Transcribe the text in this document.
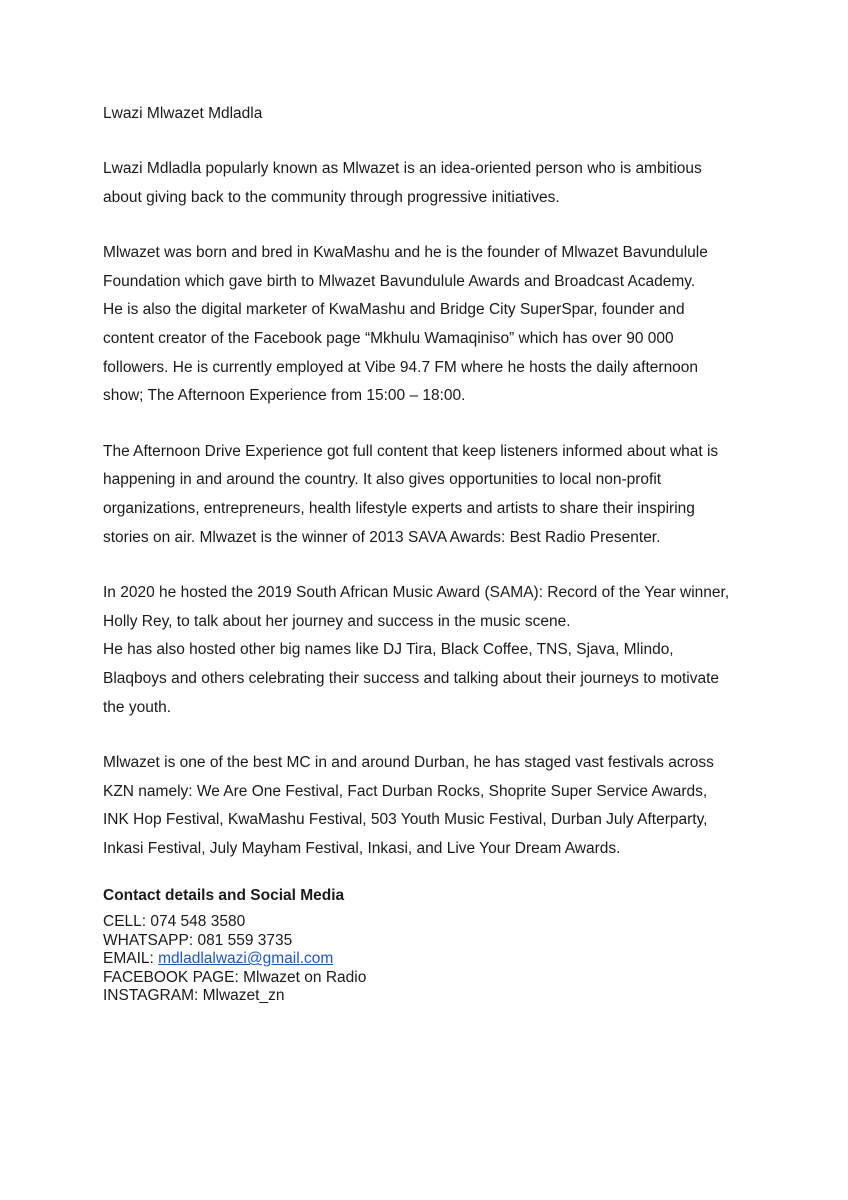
Lwazi Mlwazet Mdladla
Lwazi Mdladla popularly known as Mlwazet is an idea-oriented person who is ambitious
about giving back to the community through progressive initiatives.
Mlwazet was born and bred in KwaMashu and he is the founder of Mlwazet Bavundulule
Foundation which gave birth to Mlwazet Bavundulule Awards and Broadcast Academy.
He is also the digital marketer of KwaMashu and Bridge City SuperSpar, founder and
content creator of the Facebook page “Mkhulu Wamaqiniso” which has over 90 000
followers. He is currently employed at Vibe 94.7 FM where he hosts the daily afternoon
show; The Afternoon Experience from 15:00 – 18:00.
The Afternoon Drive Experience got full content that keep listeners informed about what is
happening in and around the country. It also gives opportunities to local non-profit
organizations, entrepreneurs, health lifestyle experts and artists to share their inspiring
stories on air. Mlwazet is the winner of 2013 SAVA Awards: Best Radio Presenter.
In 2020 he hosted the 2019 South African Music Award (SAMA): Record of the Year winner,
Holly Rey, to talk about her journey and success in the music scene.
He has also hosted other big names like DJ Tira, Black Coffee, TNS, Sjava, Mlindo,
Blaqboys and others celebrating their success and talking about their journeys to motivate
the youth.
Mlwazet is one of the best MC in and around Durban, he has staged vast festivals across
KZN namely: We Are One Festival, Fact Durban Rocks, Shoprite Super Service Awards,
INK Hop Festival, KwaMashu Festival, 503 Youth Music Festival, Durban July Afterparty,
Inkasi Festival, July Mayham Festival, Inkasi, and Live Your Dream Awards.
Contact details and Social Media
CELL: 074 548 3580
WHATSAPP: 081 559 3735
EMAIL: mdladlalwazi@gmail.com
FACEBOOK PAGE: Mlwazet on Radio
INSTAGRAM: Mlwazet_zn
